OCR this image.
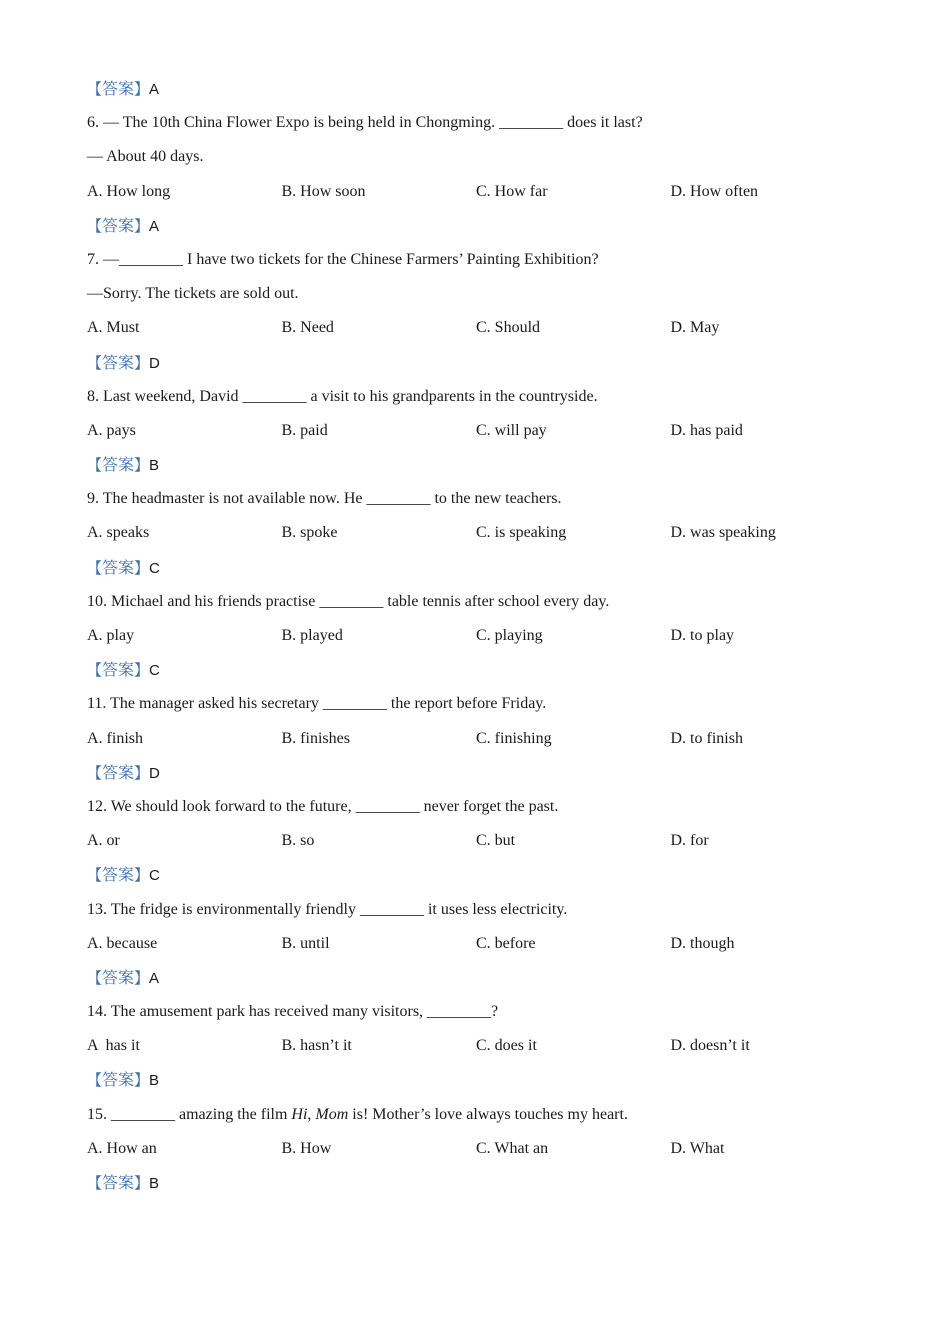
【答案】A
6. — The 10th China Flower Expo is being held in Chongming. ________ does it last?
— About 40 days.
A. How long	B. How soon	C. How far	D. How often
【答案】A
7. —________ I have two tickets for the Chinese Farmers’ Painting Exhibition?
—Sorry. The tickets are sold out.
A. Must	B. Need	C. Should	D. May
【答案】D
8. Last weekend, David ________ a visit to his grandparents in the countryside.
A. pays	B. paid	C. will pay	D. has paid
【答案】B
9. The headmaster is not available now. He ________ to the new teachers.
A. speaks	B. spoke	C. is speaking	D. was speaking
【答案】C
10. Michael and his friends practise ________ table tennis after school every day.
A. play	B. played	C. playing	D. to play
【答案】C
11. The manager asked his secretary ________ the report before Friday.
A. finish	B. finishes	C. finishing	D. to finish
【答案】D
12. We should look forward to the future, ________ never forget the past.
A. or	B. so	C. but	D. for
【答案】C
13. The fridge is environmentally friendly ________ it uses less electricity.
A. because	B. until	C. before	D. though
【答案】A
14. The amusement park has received many visitors, ________?
A  has it	B. hasn’t it	C. does it	D. doesn’t it
【答案】B
15. ________ amazing the film Hi, Mom is! Mother’s love always touches my heart.
A. How an	B. How	C. What an	D. What
【答案】B
